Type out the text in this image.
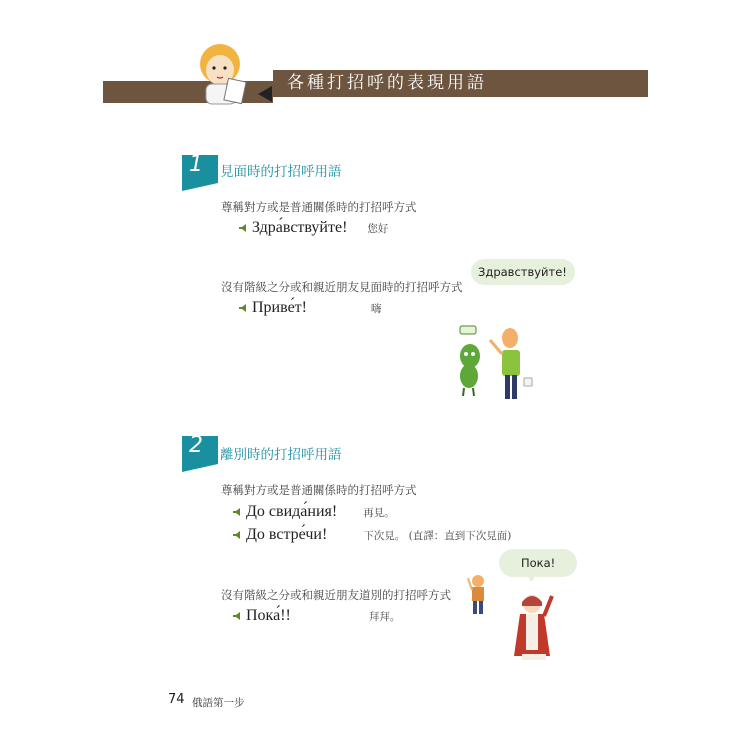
各種打招呼的表現用語
1 見面時的打招呼用語
尊稱對方或是普通關係時的打招呼方式
Здра́вствуйте! 您好
沒有階級之分或和親近朋友見面時的打招呼方式
Приве́т!	嗨
Здравствуйте!
2 離別時的打招呼用語
尊稱對方或是普通關係時的打招呼方式
До свида́ния! 再見。
До встре́чи!	下次見。 (直譯：直到下次見面)
沒有階級之分或和親近朋友道別的打招呼方式
Пока́!!	拜拜。
Пока!
74 俄語第一步
